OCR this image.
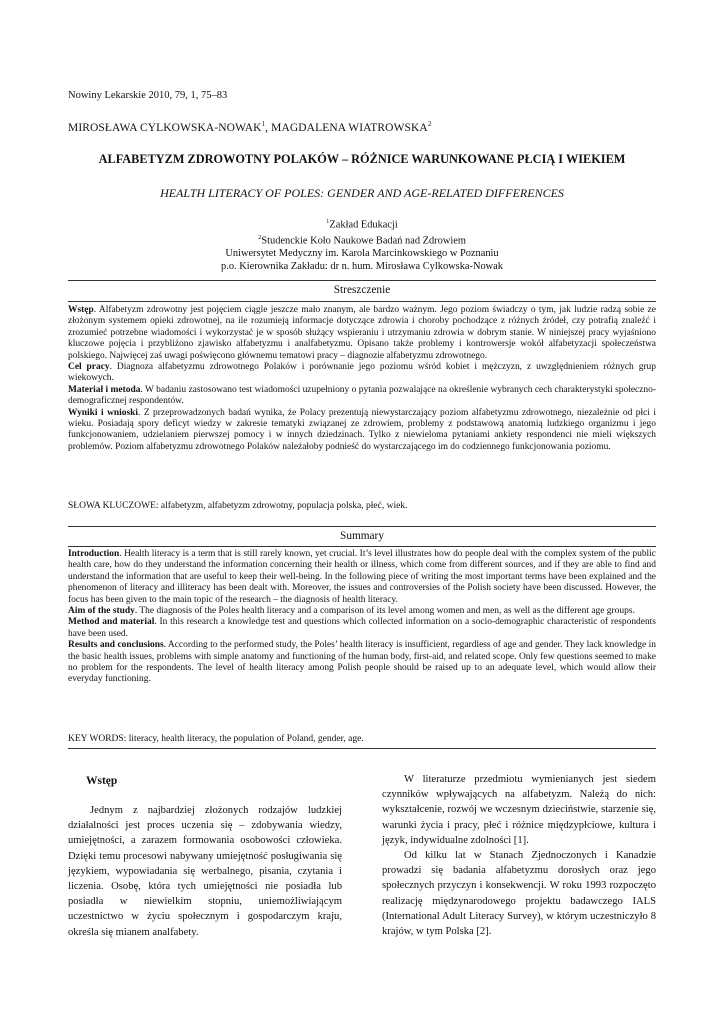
Nowiny Lekarskie 2010, 79, 1, 75–83
MIROSŁAWA CYLKOWSKA-NOWAK$^1$, MAGDALENA WIATROWSKA$^2$
ALFABETYZM ZDROWOTNY POLAKÓW – RÓŻNICE WARUNKOWANE PŁCIĄ I WIEKIEM
HEALTH LITERACY OF POLES: GENDER AND AGE-RELATED DIFFERENCES
$^1$Zakład Edukacji
$^2$Studenckie Koło Naukowe Badań nad Zdrowiem
Uniwersytet Medyczny im. Karola Marcinkowskiego w Poznaniu
p.o. Kierownika Zakładu: dr n. hum. Mirosława Cylkowska-Nowak
Streszczenie

Wstęp. Alfabetyzm zdrowotny jest pojęciem ciągle jeszcze mało znanym, ale bardzo ważnym. Jego poziom świadczy o tym, jak ludzie radzą sobie ze złożonym systemem opieki zdrowotnej, na ile rozumieją informacje dotyczące zdrowia i choroby pochodzące z różnych źródeł, czy potrafią znaleźć i zrozumieć potrzebne wiadomości i wykorzystać je w sposób służący wspieraniu i utrzymaniu zdrowia w dobrym stanie. W niniejszej pracy wyjaśniono kluczowe pojęcia i przybliżono zjawisko alfabetyzmu i analfabetyzmu. Opisano także problemy i kontrowersje wokół alfabetyzacji społeczeństwa polskiego. Najwięcej zaś uwagi poświęcono głównemu tematowi pracy – diagnozie alfabetyzmu zdrowotnego.

Cel pracy. Diagnoza alfabetyzmu zdrowotnego Polaków i porównanie jego poziomu wśród kobiet i mężczyzn, z uwzględnieniem różnych grup wiekowych.

Materiał i metoda. W badaniu zastosowano test wiadomości uzupełniony o pytania pozwalające na określenie wybranych cech charakterystyki społeczno-demograficznej respondentów.

Wyniki i wnioski. Z przeprowadzonych badań wynika, że Polacy prezentują niewystarczający poziom alfabetyzmu zdrowotnego, niezależnie od płci i wieku. Posiadają spory deficyt wiedzy w zakresie tematyki związanej ze zdrowiem, problemy z podstawową anatomią ludzkiego organizmu i jego funkcjonowaniem, udzielaniem pierwszej pomocy i w innych dziedzinach. Tylko z niewieloma pytaniami ankiety respondenci nie mieli większych problemów. Poziom alfabetyzmu zdrowotnego Polaków należałoby podnieść do wystarczającego im do codziennego funkcjonowania poziomu.

SŁOWA KLUCZOWE: alfabetyzm, alfabetyzm zdrowotny, populacja polska, płeć, wiek.
Summary

Introduction. Health literacy is a term that is still rarely known, yet crucial. It’s level illustrates how do people deal with the complex system of the public health care, how do they understand the information concerning their health or illness, which come from different sources, and if they are able to find and understand the information that are useful to keep their well-being. In the following piece of writing the most important terms have been explained and the phenomenon of literacy and illiteracy has been dealt with. Moreover, the issues and controversies of the Polish society have been discussed. However, the focus has been given to the main topic of the research – the diagnosis of health literacy.

Aim of the study. The diagnosis of the Poles health literacy and a comparison of its level among women and men, as well as the different age groups.

Method and material. In this research a knowledge test and questions which collected information on a socio-demographic characteristic of respondents have been used.

Results and conclusions. According to the performed study, the Poles’ health literacy is insufficient, regardless of age and gender. They lack knowledge in the basic health issues, problems with simple anatomy and functioning of the human body, first-aid, and related scope. Only few questions seemed to make no problem for the respondents. The level of health literacy among Polish people should be raised up to an adequate level, which would allow their everyday functioning.

KEY WORDS: literacy, health literacy, the population of Poland, gender, age.
Wstęp

Jednym z najbardziej złożonych rodzajów ludzkiej działalności jest proces uczenia się – zdobywania wiedzy, umiejętności, a zarazem formowania osobowości człowieka. Dzięki temu procesowi nabywany umiejętność posługiwania się językiem, wypowiadania się werbalnego, pisania, czytania i liczenia. Osobę, która tych umiejętności nie posiadła lub posiadła w niewielkim stopniu, uniemożliwiającym uczestnictwo w życiu społecznym i gospodarczym kraju, określa się mianem analfabety.

W literaturze przedmiotu wymienianych jest siedem czynników wpływających na alfabetyzm. Należą do nich: wykształcenie, rozwój we wczesnym dzieciństwie, starzenie się, warunki życia i pracy, płeć i różnice międzypłciowe, kultura i język, indywidualne zdolności [1].

Od kilku lat w Stanach Zjednoczonych i Kanadzie prowadzi się badania alfabetyzmu dorosłych oraz jego społecznych przyczyn i konsekwencji. W roku 1993 rozpoczęto realizację międzynarodowego projektu badawczego IALS (International Adult Literacy Survey), w którym uczestniczyło 8 krajów, w tym Polska [2].
